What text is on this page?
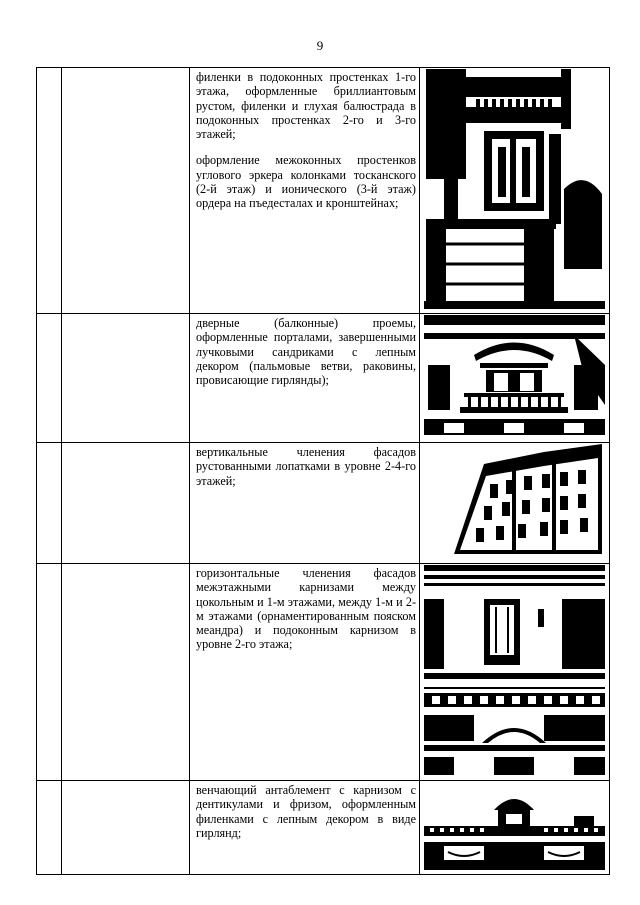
9

		филенки в подоконных простенках 1-го этажа, оформленные бриллиантовым рустом, филенки и глухая балюстрада в подоконных простенках 2-го и 3-го этажей;

оформление межоконных простенков углового эркера колонками тосканского (2-й этаж) и ионического (3-й этаж) ордера на пъедесталах и кронштейнах;

		дверные (балконные) проемы, оформленные порталами, завершенными лучковыми сандриками с лепным декором (пальмовые ветви, раковины, провисающие гирлянды);

		вертикальные членения фасадов рустованными лопатками в уровне 2-4-го этажей;

		горизонтальные членения фасадов межэтажными карнизами между цокольным и 1-м этажами, между 1-м и 2-м этажами (орнаментированным пояском меандра) и подоконным карнизом в уровне 2-го этажа;

		венчающий антаблемент с карнизом с дентикулами и фризом, оформленным филенками с лепным декором в виде гирлянд;
